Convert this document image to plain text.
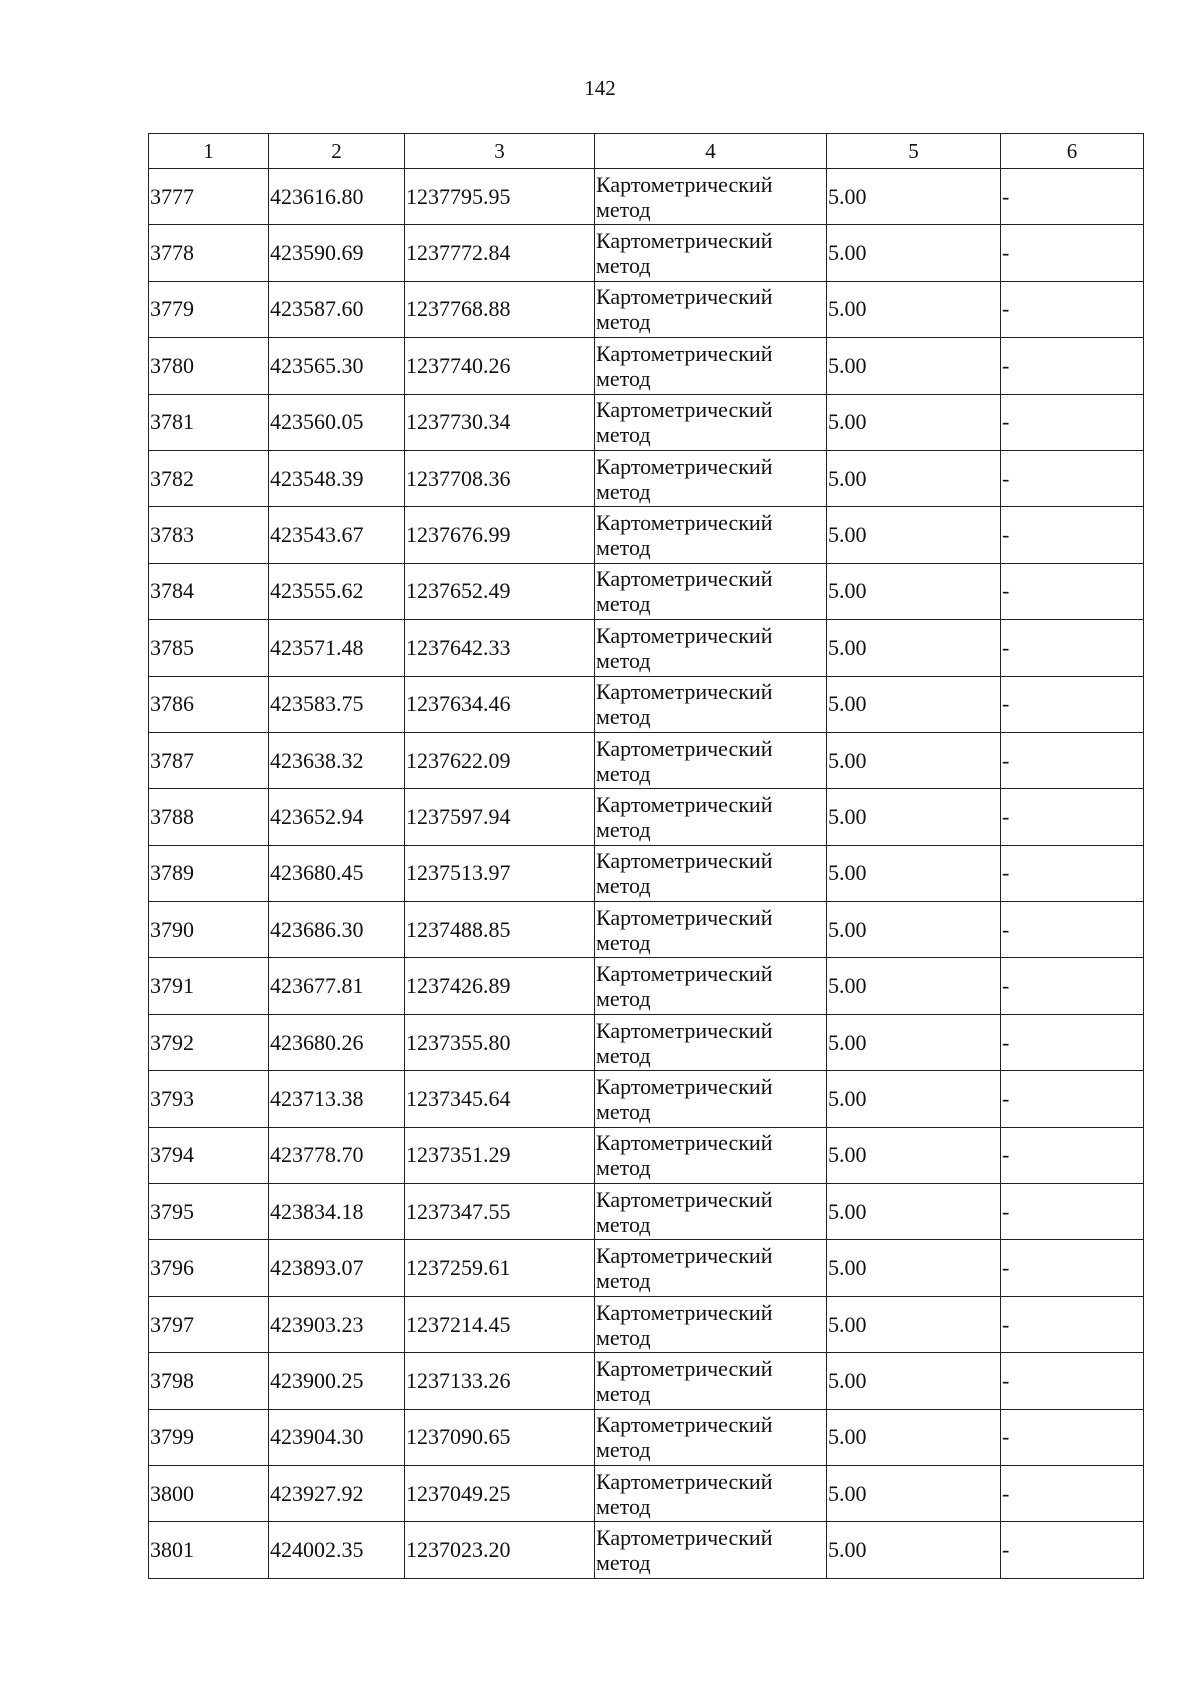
142
1	2	3	4	5	6
3777	423616.80	1237795.95	Картометрический
метод	5.00	-
3778	423590.69	1237772.84	Картометрический
метод	5.00	-
3779	423587.60	1237768.88	Картометрический
метод	5.00	-
3780	423565.30	1237740.26	Картометрический
метод	5.00	-
3781	423560.05	1237730.34	Картометрический
метод	5.00	-
3782	423548.39	1237708.36	Картометрический
метод	5.00	-
3783	423543.67	1237676.99	Картометрический
метод	5.00	-
3784	423555.62	1237652.49	Картометрический
метод	5.00	-
3785	423571.48	1237642.33	Картометрический
метод	5.00	-
3786	423583.75	1237634.46	Картометрический
метод	5.00	-
3787	423638.32	1237622.09	Картометрический
метод	5.00	-
3788	423652.94	1237597.94	Картометрический
метод	5.00	-
3789	423680.45	1237513.97	Картометрический
метод	5.00	-
3790	423686.30	1237488.85	Картометрический
метод	5.00	-
3791	423677.81	1237426.89	Картометрический
метод	5.00	-
3792	423680.26	1237355.80	Картометрический
метод	5.00	-
3793	423713.38	1237345.64	Картометрический
метод	5.00	-
3794	423778.70	1237351.29	Картометрический
метод	5.00	-
3795	423834.18	1237347.55	Картометрический
метод	5.00	-
3796	423893.07	1237259.61	Картометрический
метод	5.00	-
3797	423903.23	1237214.45	Картометрический
метод	5.00	-
3798	423900.25	1237133.26	Картометрический
метод	5.00	-
3799	423904.30	1237090.65	Картометрический
метод	5.00	-
3800	423927.92	1237049.25	Картометрический
метод	5.00	-
3801	424002.35	1237023.20	Картометрический
метод	5.00	-
